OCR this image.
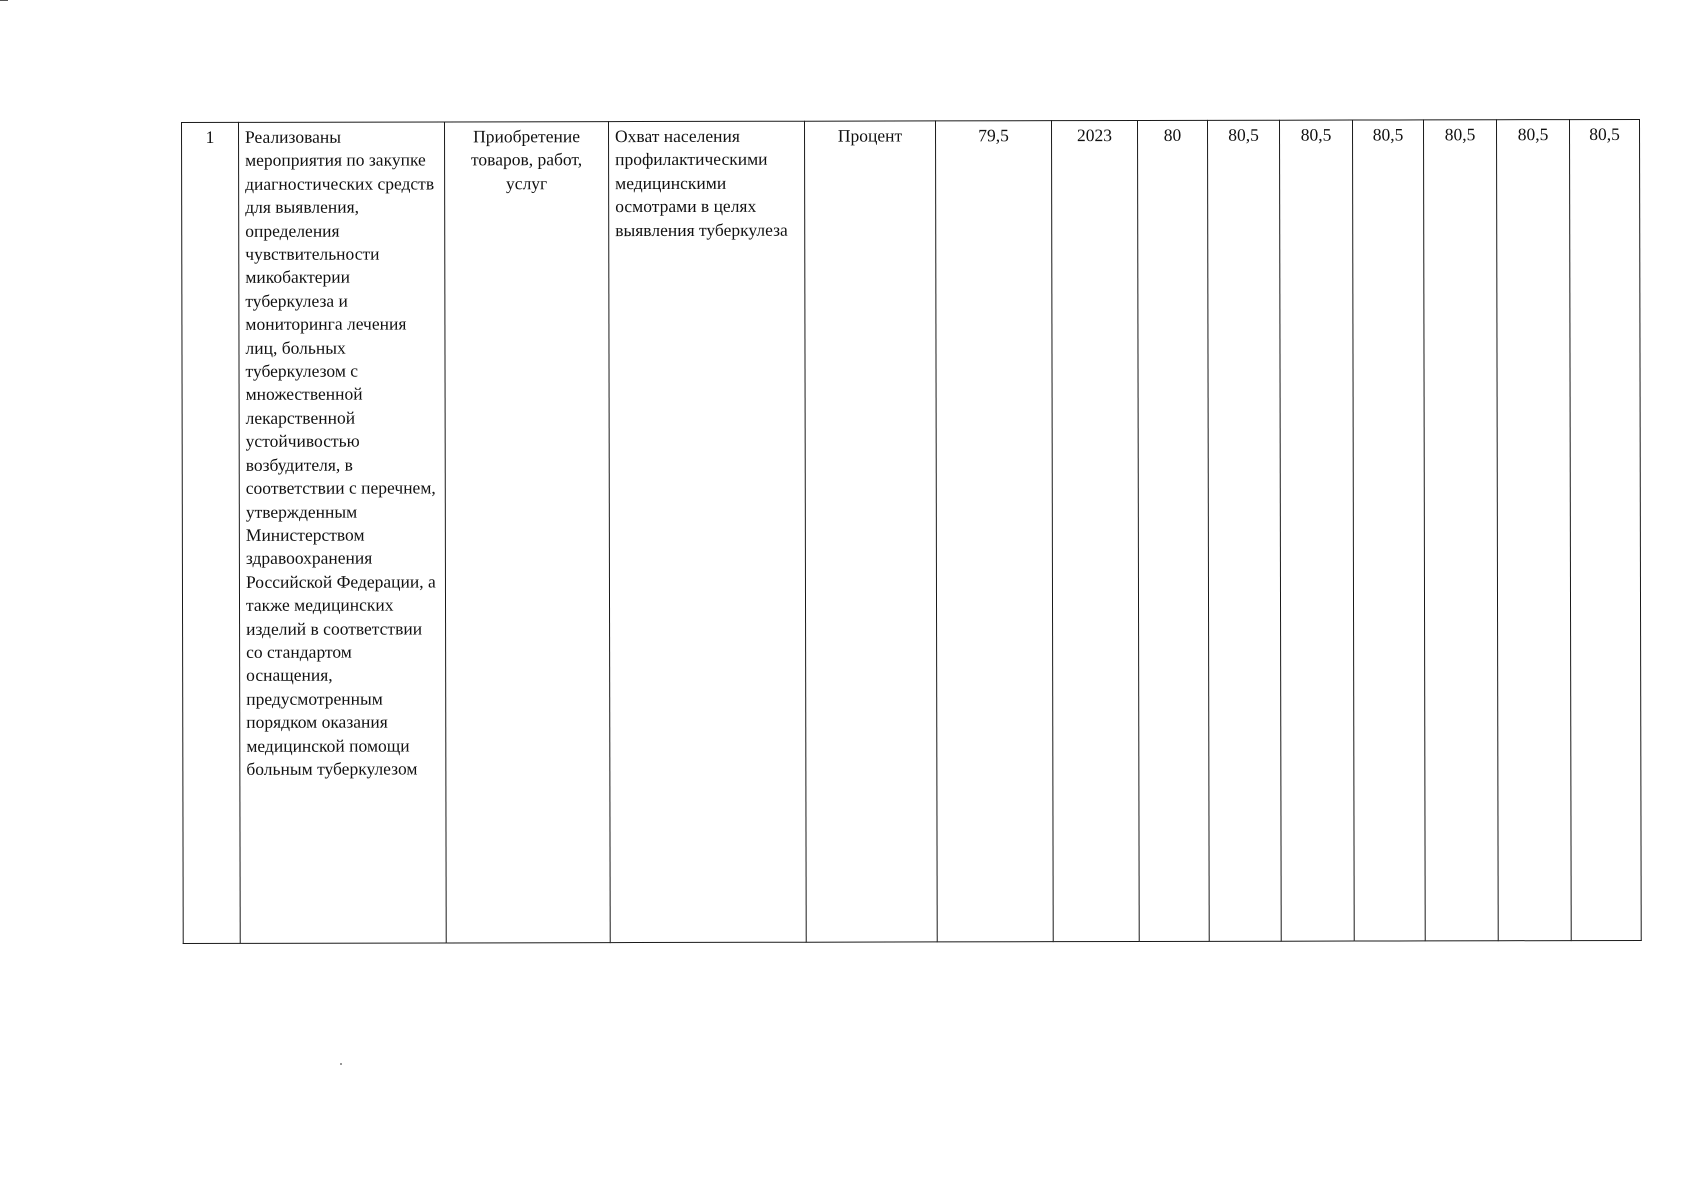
1	Реализованы мероприятия по закупке диагностических средств для выявления, определения чувствительности микобактерии туберкулеза и мониторинга лечения лиц, больных туберкулезом с множественной лекарственной устойчивостью возбудителя, в соответствии с перечнем, утвержденным Министерством здравоохранения Российской Федерации, а также медицинских изделий в соответствии со стандартом оснащения, предусмотренным порядком оказания медицинской помощи больным туберкулезом	Приобретение товаров, работ, услуг	Охват населения профилактическими медицинскими осмотрами в целях выявления туберкулеза	Процент	79,5	2023	80	80,5	80,5	80,5	80,5	80,5	80,5
